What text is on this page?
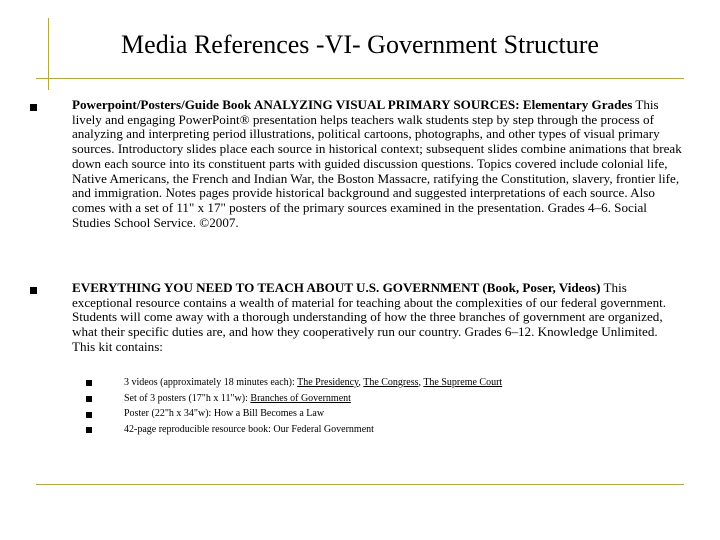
Media References -VI- Government Structure
Powerpoint/Posters/Guide Book ANALYZING VISUAL PRIMARY SOURCES: Elementary Grades This lively and engaging PowerPoint® presentation helps teachers walk students step by step through the process of analyzing and interpreting period illustrations, political cartoons, photographs, and other types of visual primary sources. Introductory slides place each source in historical context; subsequent slides combine animations that break down each source into its constituent parts with guided discussion questions. Topics covered include colonial life, Native Americans, the French and Indian War, the Boston Massacre, ratifying the Constitution, slavery, frontier life, and immigration. Notes pages provide historical background and suggested interpretations of each source. Also comes with a set of 11" x 17" posters of the primary sources examined in the presentation. Grades 4–6. Social Studies School Service. ©2007.
EVERYTHING YOU NEED TO TEACH ABOUT U.S. GOVERNMENT (Book, Poser, Videos) This exceptional resource contains a wealth of material for teaching about the complexities of our federal government. Students will come away with a thorough understanding of how the three branches of government are organized, what their specific duties are, and how they cooperatively run our country. Grades 6–12. Knowledge Unlimited.
This kit contains:
3 videos (approximately 18 minutes each): The Presidency, The Congress, The Supreme Court
Set of 3 posters (17"h x 11"w): Branches of Government
Poster (22"h x 34"w): How a Bill Becomes a Law
42-page reproducible resource book: Our Federal Government
